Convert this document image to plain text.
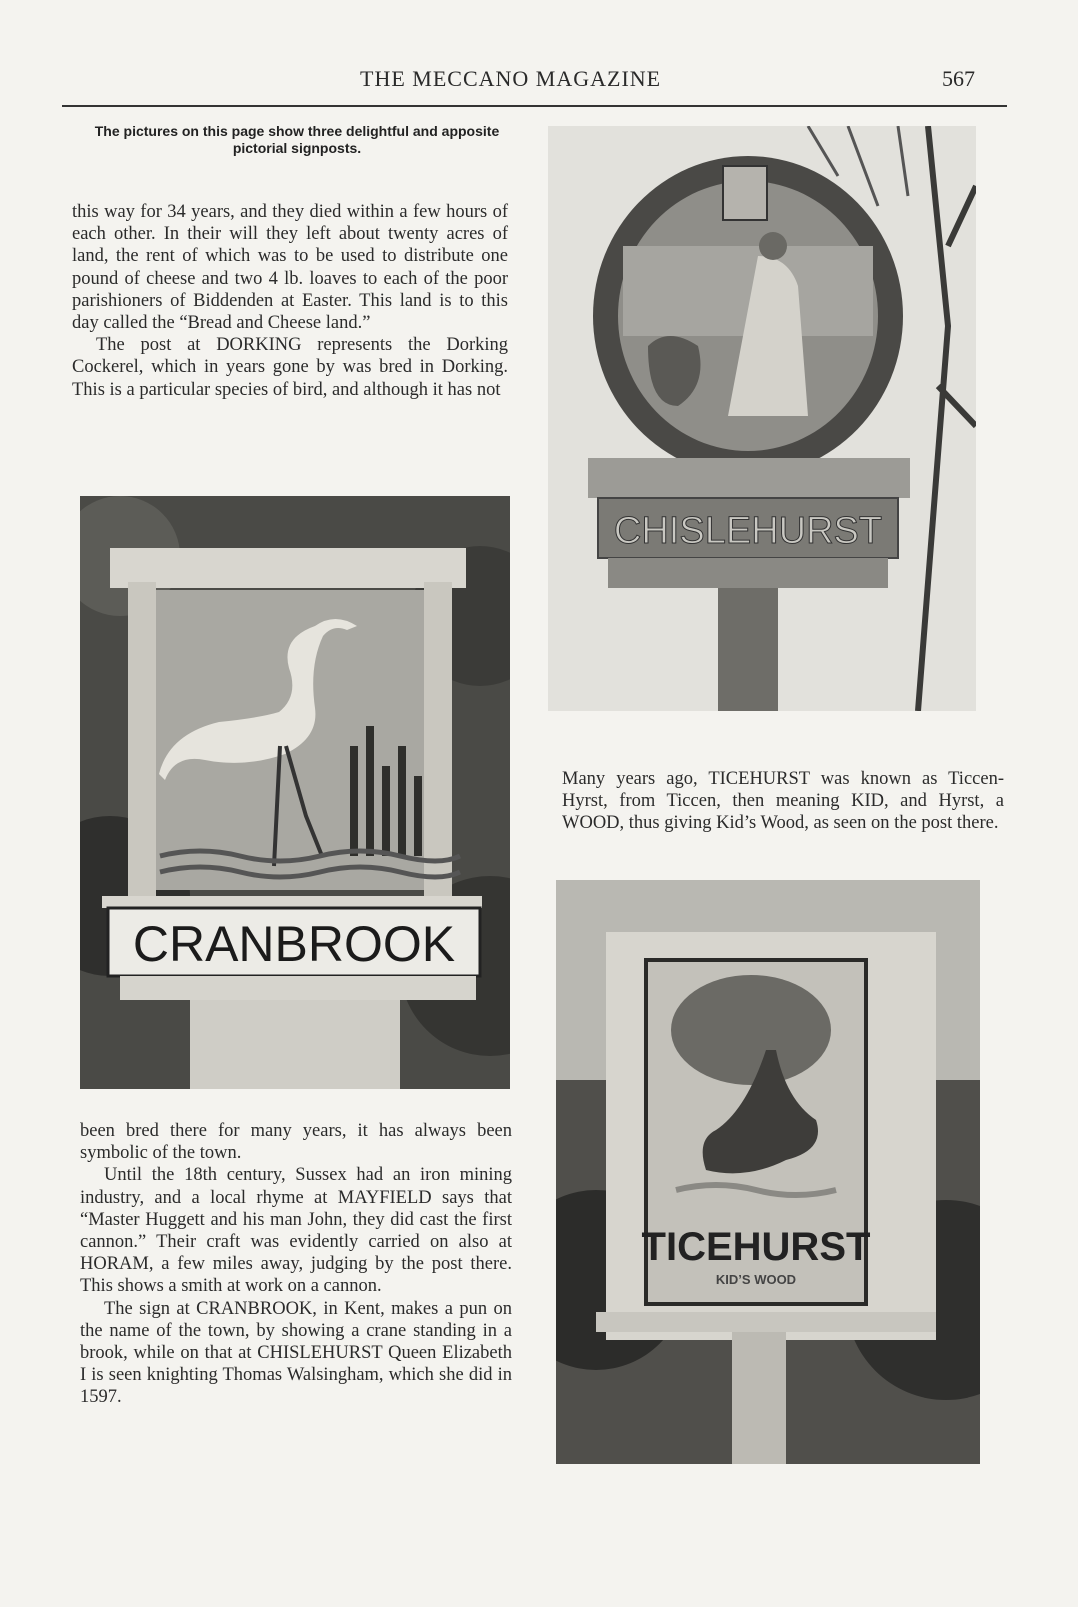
THE MECCANO MAGAZINE	567
The pictures on this page show three delightful and apposite pictorial signposts.

this way for 34 years, and they died within a few hours of each other. In their will they left about twenty acres of land, the rent of which was to be used to distribute one pound of cheese and two 4 lb. loaves to each of the poor parishioners of Biddenden at Easter. This land is to this day called the “Bread and Cheese land.”

The post at DORKING represents the Dorking Cockerel, which in years gone by was bred in Dorking. This is a particular species of bird, and although it has not

CRANBROOK
CHISLEHURST
Many years ago, TICEHURST was known as Ticcen-Hyrst, from Ticcen, then meaning KID, and Hyrst, a WOOD, thus giving Kid’s Wood, as seen on the post there.
TICEHURST
KID’S WOOD

been bred there for many years, it has always been symbolic of the town.

Until the 18th century, Sussex had an iron mining industry, and a local rhyme at MAYFIELD says that “Master Huggett and his man John, they did cast the first cannon.” Their craft was evidently carried on also at HORAM, a few miles away, judging by the post there. This shows a smith at work on a cannon.

The sign at CRANBROOK, in Kent, makes a pun on the name of the town, by showing a crane standing in a brook, while on that at CHISLEHURST Queen Elizabeth I is seen knighting Thomas Walsingham, which she did in 1597.
